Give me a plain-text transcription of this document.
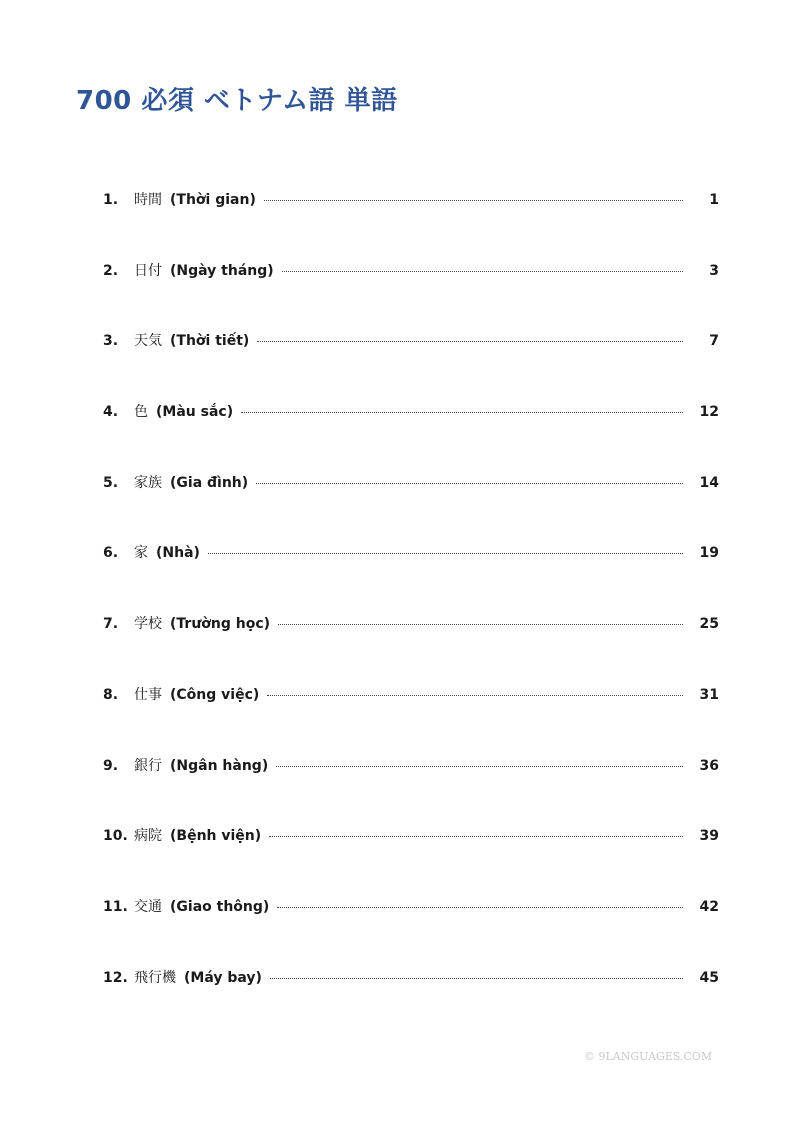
700 必須 ベトナム語 単語
1.	時間 (Thời gian)	1
2.	日付 (Ngày tháng)	3
3.	天気 (Thời tiết)	7
4.	色 (Màu sắc)	12
5.	家族 (Gia đình)	14
6.	家 (Nhà)	19
7.	学校 (Trường học)	25
8.	仕事 (Công việc)	31
9.	銀行 (Ngân hàng)	36
10. 病院 (Bệnh viện)	39
11. 交通 (Giao thông)	42
12. 飛行機 (Máy bay)	45
© 9LANGUAGES.COM
